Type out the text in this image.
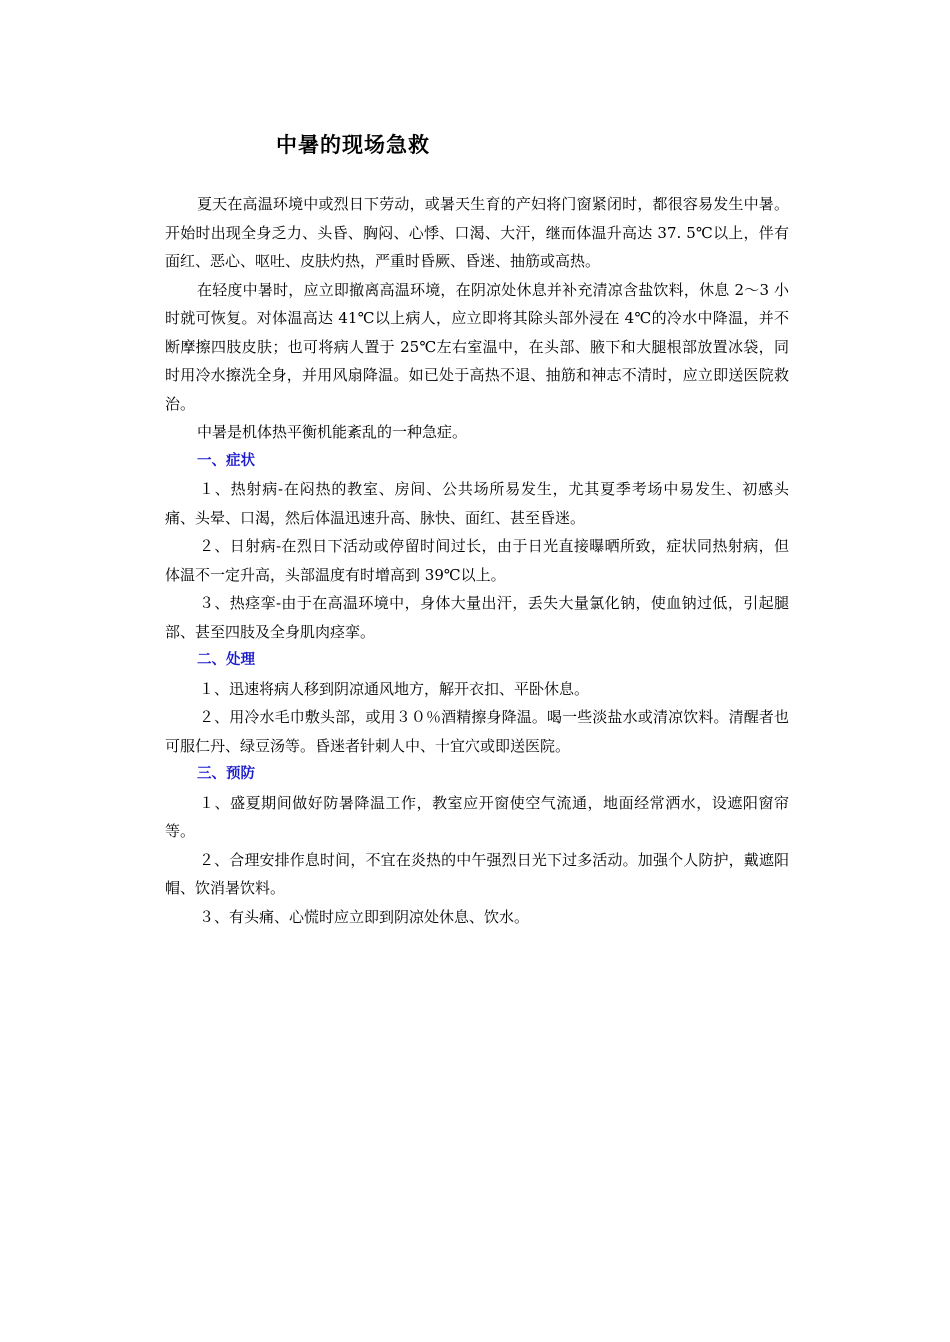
中暑的现场急救

夏天在高温环境中或烈日下劳动，或暑天生育的产妇将门窗紧闭时，都很容易发生中暑。开始时出现全身乏力、头昏、胸闷、心悸、口渴、大汗，继而体温升高达 37. 5℃以上，伴有面红、恶心、呕吐、皮肤灼热，严重时昏厥、昏迷、抽筋或高热。

在轻度中暑时，应立即撤离高温环境，在阴凉处休息并补充清凉含盐饮料，休息 2～3 小时就可恢复。对体温高达 41℃以上病人，应立即将其除头部外浸在 4℃的冷水中降温，并不断摩擦四肢皮肤；也可将病人置于 25℃左右室温中，在头部、腋下和大腿根部放置冰袋，同时用冷水擦洗全身，并用风扇降温。如已处于高热不退、抽筋和神志不清时，应立即送医院救治。

中暑是机体热平衡机能紊乱的一种急症。

一、症状

１、热射病-在闷热的教室、房间、公共场所易发生，尤其夏季考场中易发生、初感头痛、头晕、口渴，然后体温迅速升高、脉快、面红、甚至昏迷。

２、日射病-在烈日下活动或停留时间过长，由于日光直接曝晒所致，症状同热射病，但体温不一定升高，头部温度有时增高到 39℃以上。

３、热痉挛-由于在高温环境中，身体大量出汗，丢失大量氯化钠，使血钠过低，引起腿部、甚至四肢及全身肌肉痉挛。

二、处理

１、迅速将病人移到阴凉通风地方，解开衣扣、平卧休息。

２、用冷水毛巾敷头部，或用３０％酒精擦身降温。喝一些淡盐水或清凉饮料。清醒者也可服仁丹、绿豆汤等。昏迷者针刺人中、十宜穴或即送医院。

三、预防

１、盛夏期间做好防暑降温工作，教室应开窗使空气流通，地面经常洒水，设遮阳窗帘等。

２、合理安排作息时间，不宜在炎热的中午强烈日光下过多活动。加强个人防护，戴遮阳帽、饮消暑饮料。

３、有头痛、心慌时应立即到阴凉处休息、饮水。
